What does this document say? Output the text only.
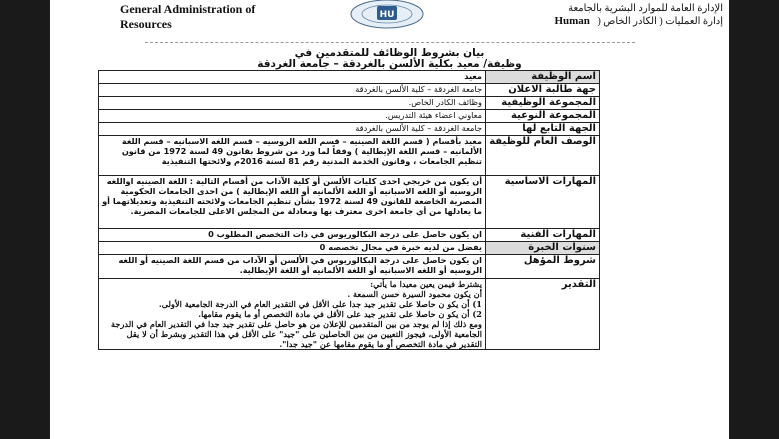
General Administration of
Resources
HU
الإدارة العامة للموارد البشرية بالجامعة
إدارة العمليات ( الكادر الخاص (   Human
بيان بشروط الوظائف للمتقدمين في
وظيفة/ معيد بكلية الألسن بالغردقة – جامعة الغردقة
اسم الوظيفة	معيد
جهة طالبة الاعلان	جامعة الغردقة – كلية الألسن بالغردقة
المجموعة الوظيفية	وظائف الكادر الخاص.
المجموعة النوعية	معاوني اعضاء هيئة التدريس.
الجهة التابع لها	جامعة الغردقة – كلية الألسن بالغردقة
الوصف العام للوظيفة	معيد بأقسام ( قسم اللغة الصينيه – قسم اللغة الروسيه – قسم اللغه الاسبانيه – قسم اللغة الألمانيه – قسم اللغة الإيطالية ) وفقاً لما ورد من شروط بقانون 49 لسنة 1972 من قانون تنظيم الجامعات ، وقانون الخدمة المدنية رقم 81 لسنة 2016م ولائحتها التنفيذية
المهارات الاساسية	أن يكون من خريجي احدى كليات الألسن أو كلية الآداب من أقسام التالية : اللغة الصينيه اواللغه الروسيه أو اللغه الاسبانيه أو اللغة الألمانيه أو اللغه الإيطالية ) من احدى الجامعات الحكومية المصرية الخاضعة للقانون 49 لسنة 1972 بشأن تنظيم الجامعات ولائحته التنفيذية وتعديلاتهما أو ما يعادلها من أي جامعة اخرى معترف بها ومعادلة من المجلس الاعلى للجامعات المصرية.
المهارات الفنية	ان يكون حاصل على درجة البكالوريوس في ذات التخصص المطلوب 0
سنوات الخبرة	يفضل من لديه خبرة في مجال تخصصه 0
شروط المؤهل	ان يكون حاصل على درجة البكالوريوس في الألسن أو الآداب من قسم اللغة الصينيه أو اللغه الروسيه أو اللغه الاسبانيه أو اللغة الألمانيه أو اللغة الإيطالية.
التقدير	يشترط فيمن يعين معيدا ما يأتي:

أن يكون محمود السيرة حسن السمعة .

1) أن يكو ن حاصلا على تقدير جيد جدا على الأقل في التقدير العام في الدرجة الجامعية الأولى.

2) أن يكو ن حاصلا على تقدير جيد على الأقل في مادة التخصص أو ما يقوم مقامها.

ومع ذلك إذا لم يوجد من بين المتقدمين للإعلان من هو حاصل على تقدير جيد جدا في التقدير العام في الدرجة الجامعية الأولى، فيجوز التعيين من بين الحاصلين على "جيد" على الأقل في هذا التقدير وبشرط أن لا يقل التقدير في مادة التخصص أو ما يقوم مقامها عن "جيد جدا".
